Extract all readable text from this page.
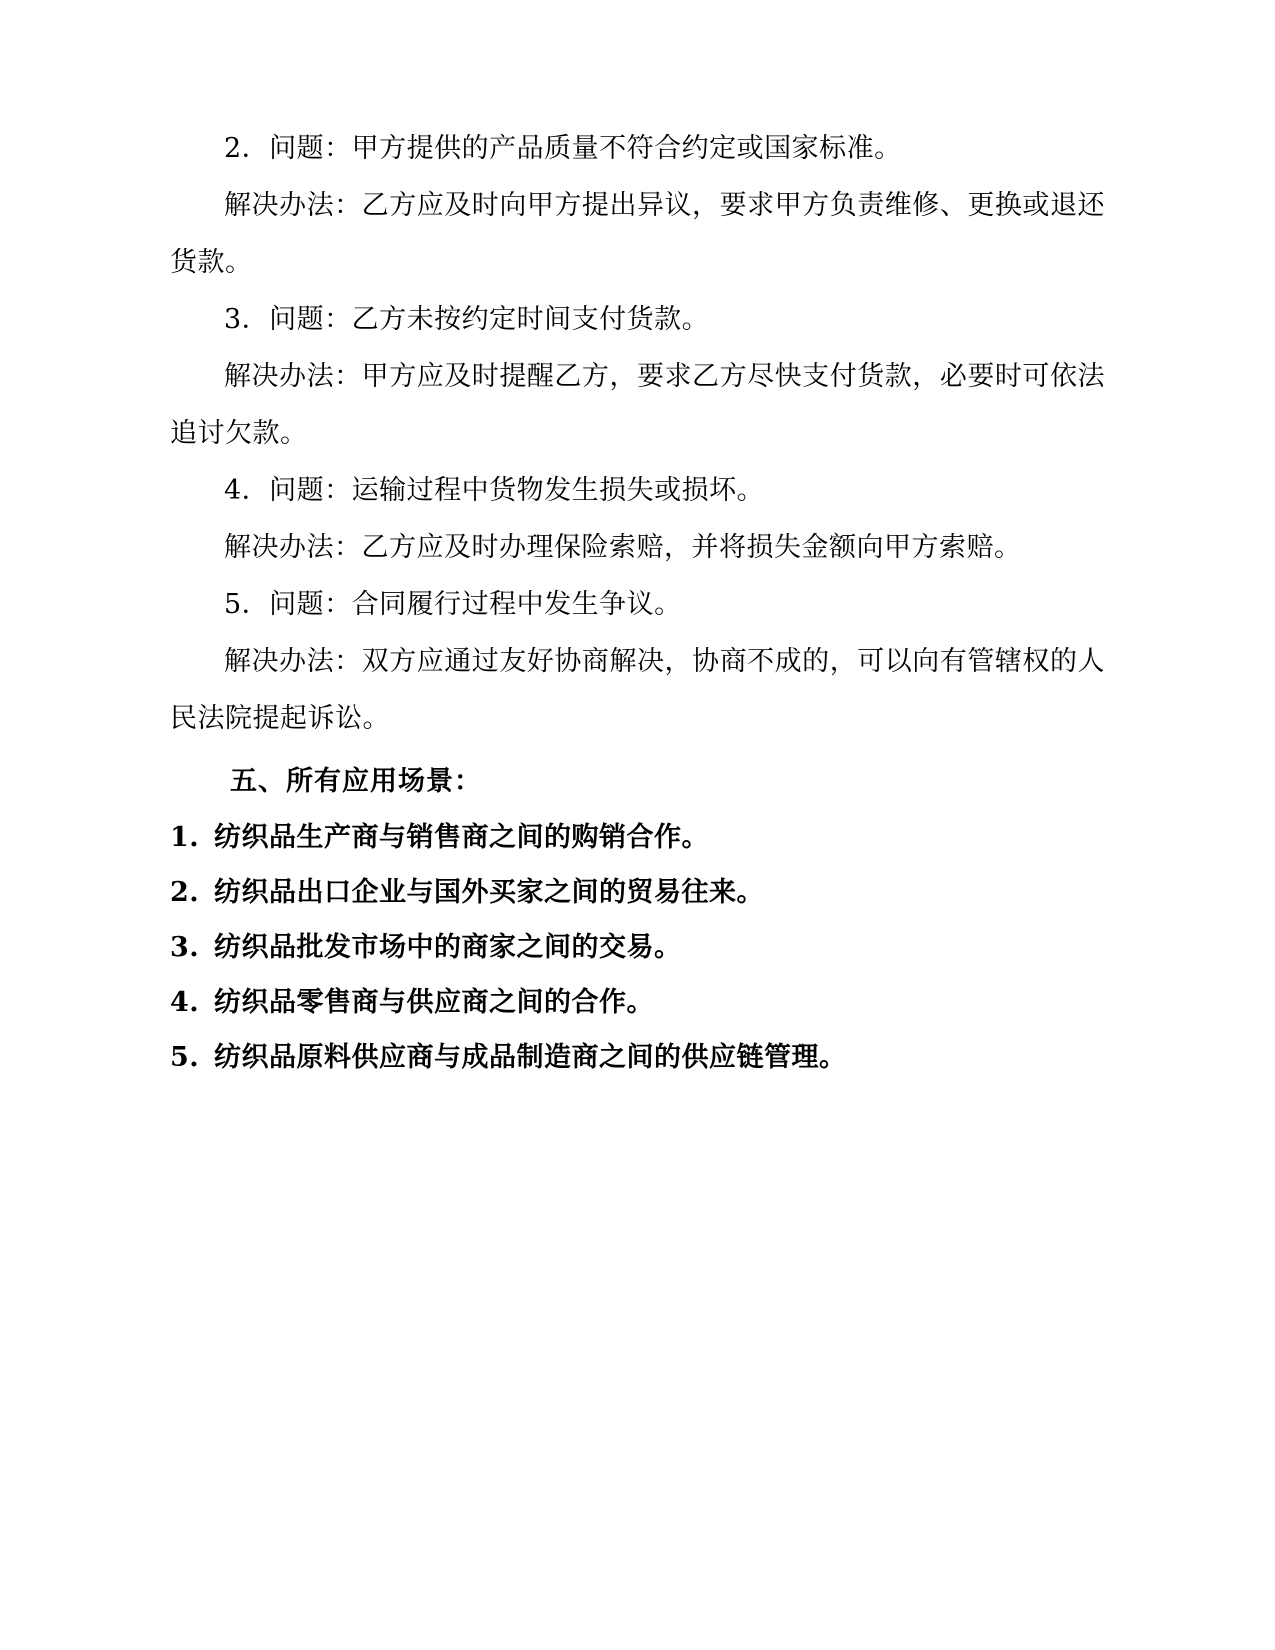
2．问题：甲方提供的产品质量不符合约定或国家标准。

解决办法：乙方应及时向甲方提出异议，要求甲方负责维修、更换或退还货款。

3．问题：乙方未按约定时间支付货款。

解决办法：甲方应及时提醒乙方，要求乙方尽快支付货款，必要时可依法追讨欠款。

4．问题：运输过程中货物发生损失或损坏。

解决办法：乙方应及时办理保险索赔，并将损失金额向甲方索赔。

5．问题：合同履行过程中发生争议。

解决办法：双方应通过友好协商解决，协商不成的，可以向有管辖权的人民法院提起诉讼。

五、所有应用场景：
1. 纺织品生产商与销售商之间的购销合作。
2. 纺织品出口企业与国外买家之间的贸易往来。
3. 纺织品批发市场中的商家之间的交易。
4. 纺织品零售商与供应商之间的合作。
5. 纺织品原料供应商与成品制造商之间的供应链管理。
